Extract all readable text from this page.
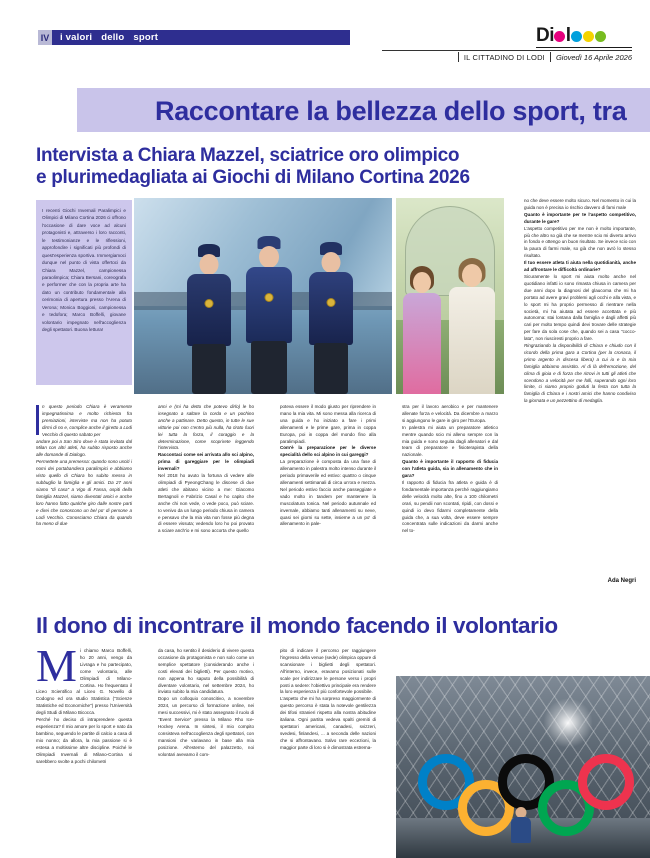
IV i valori dello sport	D i l
IL CITTADINO DI LODI Giovedì 16 Aprile 2026
Raccontare la bellezza dello sport, tra
Intervista a Chiara Mazzel, sciatrice oro olimpico
e plurimedagliata ai Giochi di Milano Cortina 2026

I recenti Giochi Invernali Paralimpici e Olimpici di Milano Cortina 2026 ci offrono l'occasione di dare voce ad alcuni protagonisti e, attraverso i loro racconti, le testimonianze e le riflessioni, approfondire i significati più profondi di quest'esperienza sportiva. Immergiamoci dunque nel punto di vista offertoci da Chiara Mazzel, campionessa paraolimpica; Chiara Bersani, coreografa e performer che con la propria arte ha dato un contributo fondamentale alla cerimonia di apertura presso l'Arena di Verona; Monica Boggioni, campionessa e tedofora; Marco Boffelli, giovane volontario impegnato nell'accoglienza degli spettatori. Buona lettura!

n questo periodo Chiara è veramente impegnatissima e molto richiesta fra premiazioni, interviste ma non ha potuto dirmi di no e, complice anche il giretto a Lodi Vecchio di questo sabato per

andare poi a San Siro dove è stata invitata dal Milan con altri atleti, ha subito risposto anche alle domande di Dialogo.

Permettete una premessa: quando sono usciti i nomi dei portabandiera paralimpici e abbiamo visto quello di Chiara ho subito messo in subbuglio la famiglia e gli amici. Da 27 anni siamo "di casa" a Vigo di Fassa, ospiti della famiglia Mazzel, siamo diventati amici e anche loro hanno fatto qualche giro dalle nostre parti e direi che conoscono un bel po' di persone a Lodi Vecchio. Conosciamo Chiara da quando ha meno di due

anni e (mi ha detto che potevo dirlo) le ho insegnato a saltare la corda e un pochino anche a pattinare. Detto questo, in tutte le sue vittorie poi non c'entro più nulla, ha tirato fuori lei tutta la forza, il coraggio e la determinazione, come scoprirete leggendo l'intervista.

Raccontaci come sei arrivata allo sci alpino, prima di gareggiare per le olimpiadi invernali?

Nel 2018 ho avuto la fortuna di vedere alle olimpiadi di PyeongChang le discese di due atleti che abitano vicino a me: Giacomo Bertagnoli e Fabrizio Casal e ho capito che anche chi non vede, o vede poco, può sciare. Io venivo da un lungo periodo chiusa in camera e pensavo che la mia vita non fosse più degna di essere vissuta; vedendo loro ho poi provato a sciare anch'io e mi sono accorta che quello

poteva essere il modo giusto per riprendere in mano la mia vita. Mi sono messa alla ricerca di una guida e ho iniziato a fare i primi allenamenti e le prime gare, prima in coppa Europa, poi in coppa del mondo fino alla paralimpiadi.

Com'è la preparazione per le diverse specialità dello sci alpino in cui gareggi?

La preparazione è composta da una fase di allenamento in palestra molto intenso durante il periodo primaverile ed estivo: quattro o cinque allenamenti settimanali di circa un'ora e mezza. Nel periodo estivo faccio anche passeggiate e vado molto in tandem per mantenere la muscolatura tonica. Nel periodo autunnale ed invernale, abbiamo tanti allenamenti su neve, quasi sei giorni su sette, insieme a un po' di allenamento in pale-

stra per il lavoro aerobico e per mantenere allenate forza e velocità. Da dicembre a marzo si aggiungono le gare in giro per l'Europa.

In palestra mi aiuta un preparatore atletico mentre quando scio mi alleno sempre con la mia guida e sono seguita dagli allenatori e dal team di preparatore e fisioterapista della nazionale.

Quanto è importante il rapporto di fiducia con l'atleta guida, sia in allenamento che in gara?

Il rapporto di fiducia fra atleta e guida è di fondamentale importanza perché raggiungiamo delle velocità molto alte, fino a 100 chilometri orari, su pendii non scontati, ripidi, con dossi e quindi io devo fidarmi completamente della guida che, a sua volta, deve essere sempre concentrata sulle indicazioni da darmi anche nel to-

no che deve essere molto sicuro. Nel momento in cui la guida non è precisa io rischio davvero di fami male

Quanto è importante per te l'aspetto competitivo, durante le gare?

L'aspetto competitivo per me non è molto importante, più che altro so già che se mentre scio mi diverto arrivo in fondo e ottengo un buon risultato. Se invece scio con la paura di farmi male, so già che non avrò lo stesso risultato.

Il tuo essere atleta ti aiuta nella quotidianità, anche ad affrontare le difficoltà ordinarie?

Sicuramente lo sport mi aiuta molto anche nel quotidiano infatti io sono rimasta chiusa in camera per due anni dopo la diagnosi del glaucoma che mi ha portato ad avere gravi problemi agli occhi e alla vista, e lo sport mi ha proprio permesso di rientrare nella società, mi ha aiutata ad essere accettata e più autonoma: stai lontana dalla famiglia e dagli affetti più cari per molto tempo quindi devi trovare delle strategie per fare da sola cose che, quando sei a casa "cocco-lata", non riusciresti proprio a fare.

Ringraziando la disponibilità di Chiara e chiudo con il ricordo della prima gara a Cortina (per la cronaca, il primo argento in discesa libera) a cui io e la mia famiglia abbiamo assistito. Al di là dell'emozione, del clima di gioia e di forza che ritrovi in tutti gli atleti che scendono a velocità per me folli, superando ogni loro limite, ci siamo proprio goduti la festa con tutta la famiglia di Chiara e i nostri amici che hanno condiviso la giornata e un pezzettino di medaglia.

Ada Negri
Il dono di incontrare il mondo facendo il volontario
M i chiamo Marco Boffelli, ho 20 anni, vengo da Livraga e ho partecipato, come volontario, alle Olimpiadi di Milano-Cortina. Ho frequentato il Liceo Scientifico al Liceo G. Novello di Codogno ed ora studio Statistica ("Scienze Statistiche ed Economiche") presso l'Università degli Studi di Milano Bicocca.

Perché ho deciso di intraprendere questa esperienza? Il mio amore per lo sport e nato da bambino, seguendo le partite di calcio a casa di mio nonno; da allora, la mia passione si è estesa a moltissime altre discipline. Poiché le Olimpiadi Invernali di Milano-Cortina si sarebbero svolte a pochi chilometri

da casa, ho sentito il desiderio di vivere questa occasione da protagonista e non solo come un semplice spettatore (considerando anche i costi elevati dei biglietti). Per questo motivo, non appena ho saputo della possibilità di diventare volontario, nel settembre 2024, ho inviato subito la mia candidatura.

Dopo un colloquio conoscitivo, a novembre 2024, un percorso di formazione online, nei mesi successivi, mi è stato assegnato il ruolo di "Event Service" presso la Milano Rho Ice-Hockey Arena. In sintesi, il mio compito consisteva nell'accoglienza degli spettatori, con mansioni che variavano in base alla mia posizione. All'esterno del palazzetto, noi volontari avevamo il com-

pito di indicare il percorso per raggiungere l'ingresso della venue (sede) olimpica oppure di scansionare i biglietti degli spettatori. All'interno, invece, eravamo posizionati sulle scale per indirizzare le persone verso i propri posti a sedere: l'obiettivo principale era rendere la loro esperienza il più confortevole possibile.

L'aspetto che mi ha sorpreso maggiormente di questo percorso è stata la notevole gentilezza dei tifosi stranieri rispetto alla nostra abitudine italiana. Ogni partita vedeva spalti gremiti di spettatori americani, canadesi, svizzeri, svedesi, finlandesi, ... a seconda delle nazioni che si affrontavano. Salvo rare eccezioni, la maggior parte di loro si è dimostrata estrema-
